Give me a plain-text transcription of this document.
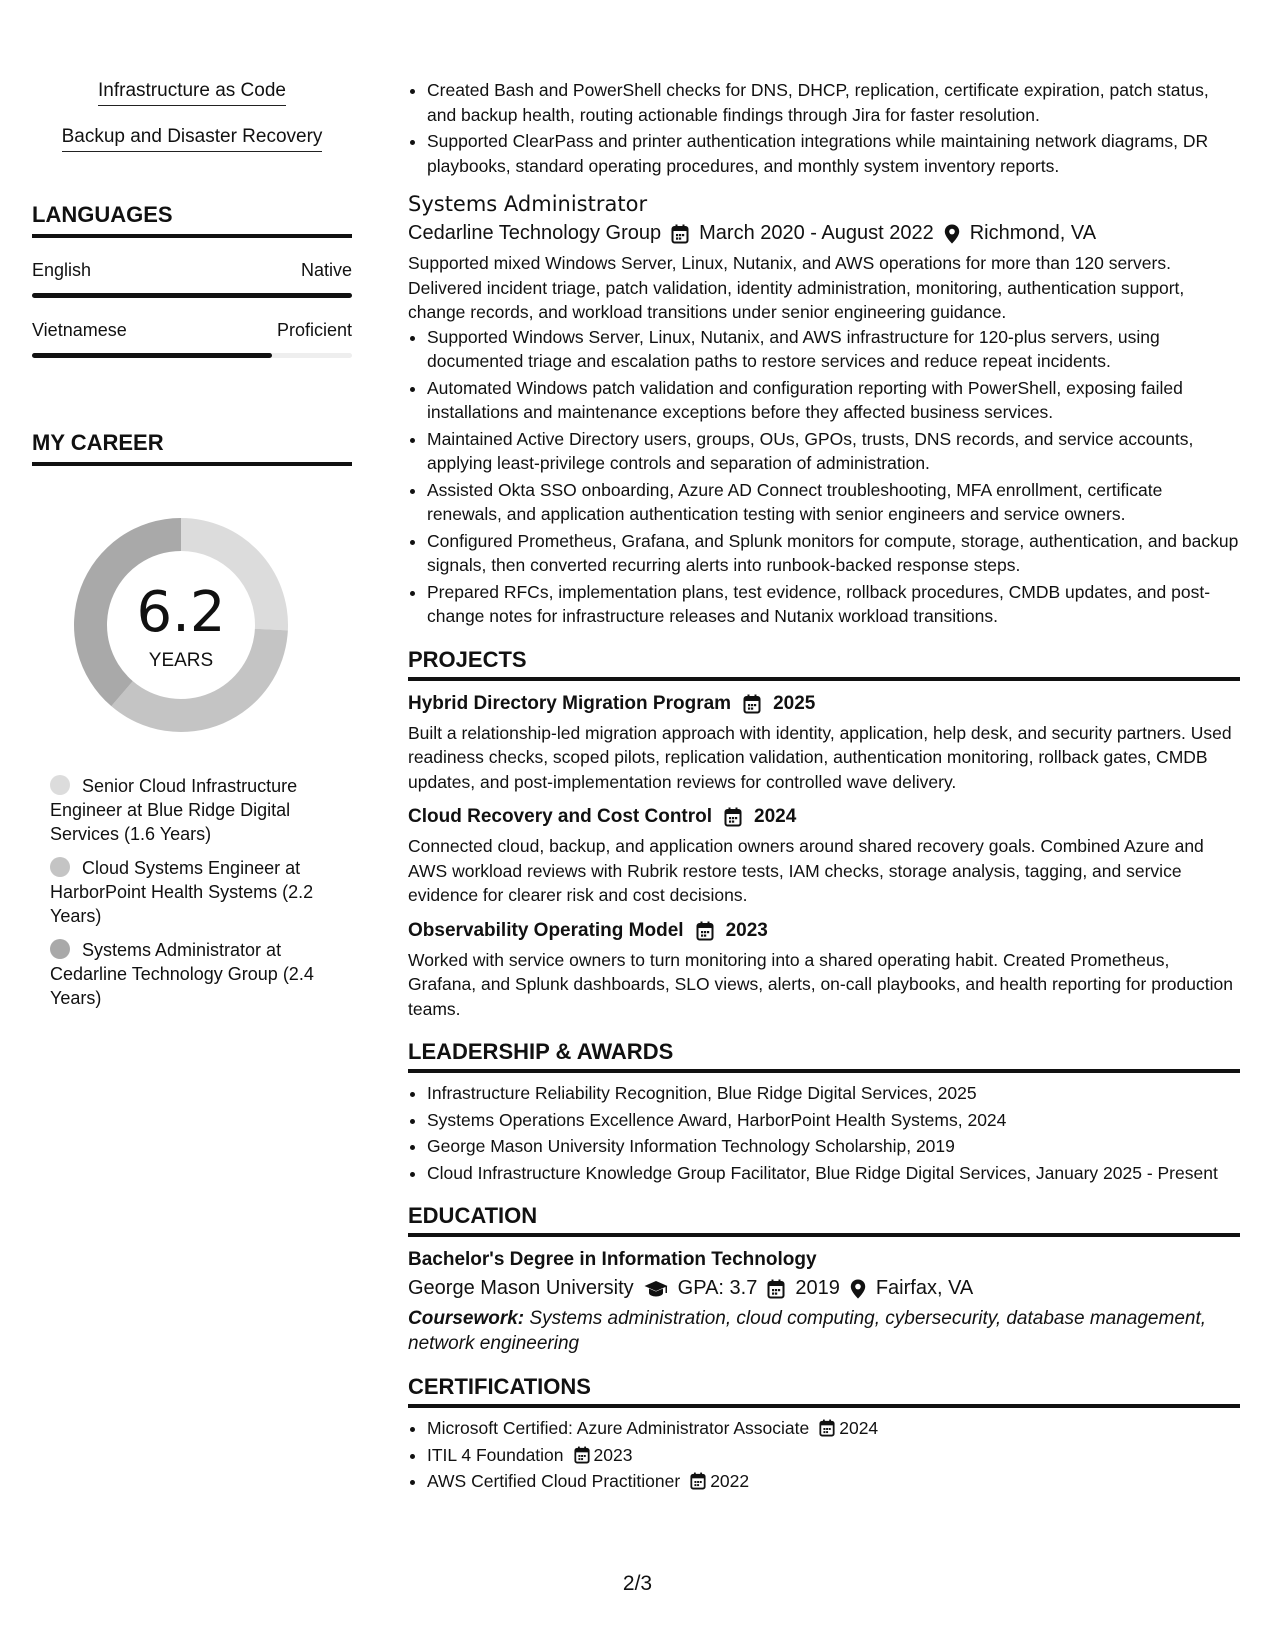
Infrastructure as Code
Backup and Disaster Recovery
LANGUAGES
English	Native
Vietnamese	Proficient
MY CAREER
6.2
YEARS
Senior Cloud Infrastructure Engineer at Blue Ridge Digital Services (1.6 Years)
Cloud Systems Engineer at HarborPoint Health Systems (2.2 Years)
Systems Administrator at Cedarline Technology Group (2.4 Years)
• Created Bash and PowerShell checks for DNS, DHCP, replication, certificate expiration, patch status, and backup health, routing actionable findings through Jira for faster resolution.
• Supported ClearPass and printer authentication integrations while maintaining network diagrams, DR playbooks, standard operating procedures, and monthly system inventory reports.
Systems Administrator
Cedarline Technology Group March 2020 - August 2022 Richmond, VA
Supported mixed Windows Server, Linux, Nutanix, and AWS operations for more than 120 servers. Delivered incident triage, patch validation, identity administration, monitoring, authentication support, change records, and workload transitions under senior engineering guidance.
• Supported Windows Server, Linux, Nutanix, and AWS infrastructure for 120-plus servers, using documented triage and escalation paths to restore services and reduce repeat incidents.
• Automated Windows patch validation and configuration reporting with PowerShell, exposing failed installations and maintenance exceptions before they affected business services.
• Maintained Active Directory users, groups, OUs, GPOs, trusts, DNS records, and service accounts, applying least-privilege controls and separation of administration.
• Assisted Okta SSO onboarding, Azure AD Connect troubleshooting, MFA enrollment, certificate renewals, and application authentication testing with senior engineers and service owners.
• Configured Prometheus, Grafana, and Splunk monitors for compute, storage, authentication, and backup signals, then converted recurring alerts into runbook-backed response steps.
• Prepared RFCs, implementation plans, test evidence, rollback procedures, CMDB updates, and post-change notes for infrastructure releases and Nutanix workload transitions.
PROJECTS
Hybrid Directory Migration Program 2025
Built a relationship-led migration approach with identity, application, help desk, and security partners. Used readiness checks, scoped pilots, replication validation, authentication monitoring, rollback gates, CMDB updates, and post-implementation reviews for controlled wave delivery.
Cloud Recovery and Cost Control 2024
Connected cloud, backup, and application owners around shared recovery goals. Combined Azure and AWS workload reviews with Rubrik restore tests, IAM checks, storage analysis, tagging, and service evidence for clearer risk and cost decisions.
Observability Operating Model 2023
Worked with service owners to turn monitoring into a shared operating habit. Created Prometheus, Grafana, and Splunk dashboards, SLO views, alerts, on-call playbooks, and health reporting for production teams.
LEADERSHIP & AWARDS
• Infrastructure Reliability Recognition, Blue Ridge Digital Services, 2025
• Systems Operations Excellence Award, HarborPoint Health Systems, 2024
• George Mason University Information Technology Scholarship, 2019
• Cloud Infrastructure Knowledge Group Facilitator, Blue Ridge Digital Services, January 2025 - Present
EDUCATION
Bachelor's Degree in Information Technology
George Mason University GPA: 3.7 2019 Fairfax, VA
Coursework: Systems administration, cloud computing, cybersecurity, database management, network engineering
CERTIFICATIONS
• Microsoft Certified: Azure Administrator Associate 2024
• ITIL 4 Foundation 2023
• AWS Certified Cloud Practitioner 2022
2/3
